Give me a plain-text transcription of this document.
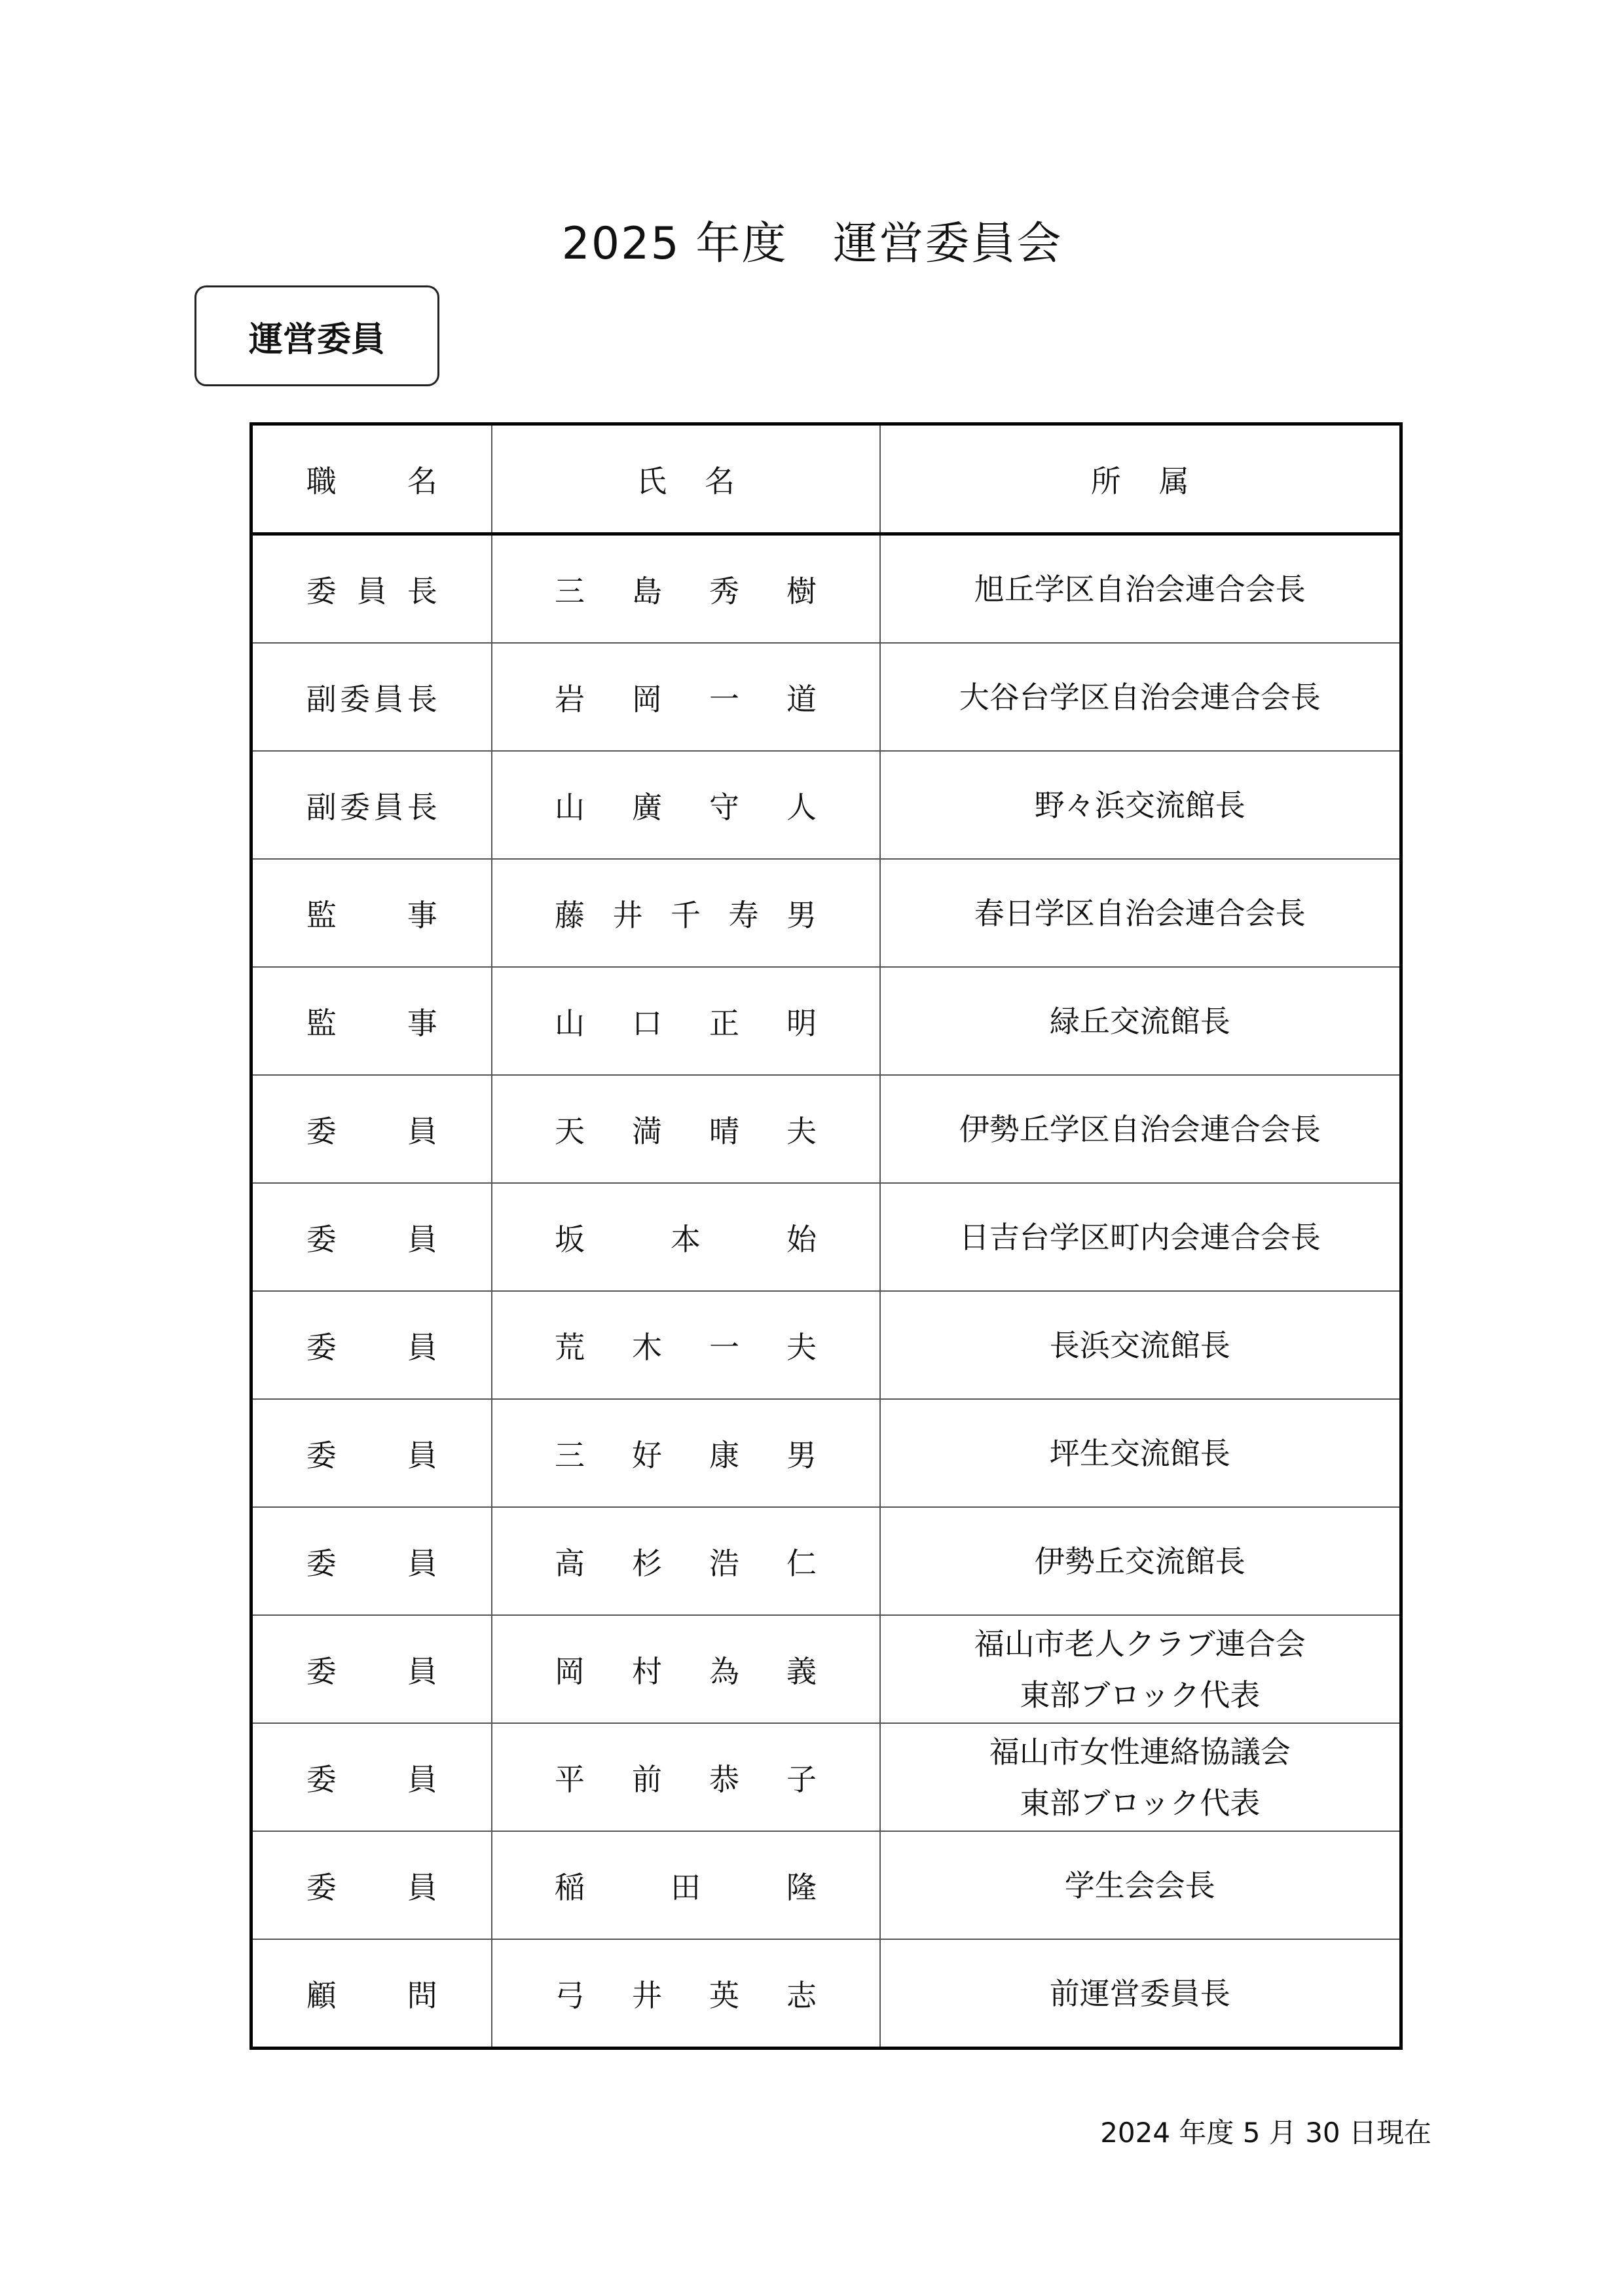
2025 年度　運営委員会
運営委員
職 名	氏 名	所 属

委 員 長	三 島 秀 樹	旭丘学区自治会連合会長

副 委 員 長	岩 岡 一 道	大谷台学区自治会連合会長

副 委 員 長	山 廣 守 人	野々浜交流館長

監 事	藤 井 千 寿 男	春日学区自治会連合会長

監 事	山 口 正 明	緑丘交流館長

委 員	天 満 晴 夫	伊勢丘学区自治会連合会長

委 員	坂 本 始	日吉台学区町内会連合会長

委 員	荒 木 一 夫	長浜交流館長

委 員	三 好 康 男	坪生交流館長

委 員	高 杉 浩 仁	伊勢丘交流館長

委 員	岡 村 為 義	福山市老人クラブ連合会
東部ブロック代表

委 員	平 前 恭 子	福山市女性連絡協議会
東部ブロック代表

委 員	稲 田 隆	学生会会長

顧 問	弓 井 英 志	前運営委員長
2024 年度 5 月 30 日現在
